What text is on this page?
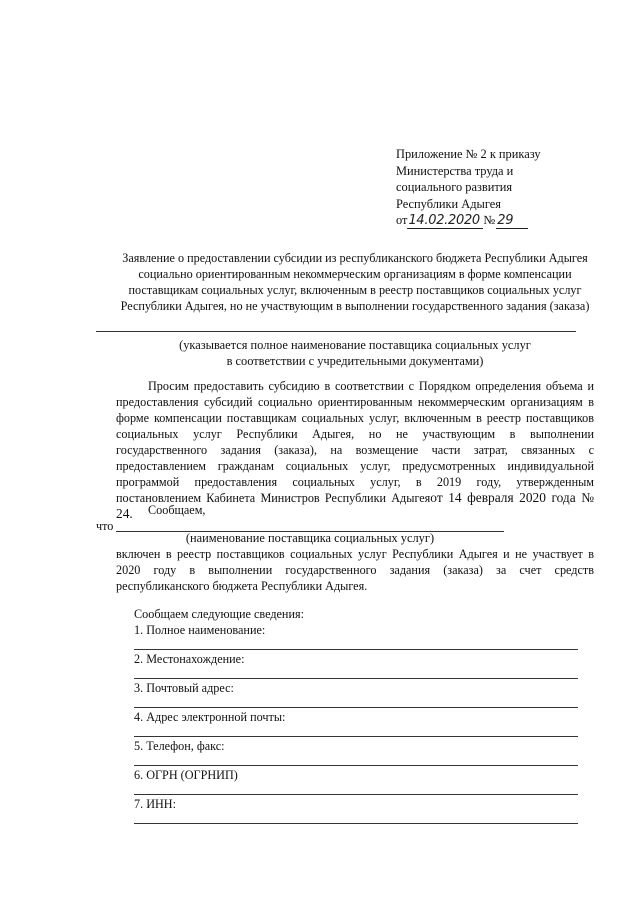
Приложение № 2 к приказу
Министерства труда и
социального развития
Республики Адыгея
от 14.02.2020 № 29
Заявление о предоставлении субсидии из республиканского бюджета Республики Адыгея социально ориентированным некоммерческим организациям в форме компенсации поставщикам социальных услуг, включенным в реестр поставщиков социальных услуг Республики Адыгея, но не участвующим в выполнении государственного задания (заказа)
(указывается полное наименование поставщика социальных услуг
в соответствии с учредительными документами)

Просим предоставить субсидию в соответствии с Порядком определения объема и предоставления субсидий социально ориентированным некоммерческим организациям в форме компенсации поставщикам социальных услуг, включенным в реестр поставщиков социальных услуг Республики Адыгея, но не участвующим в выполнении государственного задания (заказа), на возмещение части затрат, связанных с предоставлением гражданам социальных услуг, предусмотренных индивидуальной программой предоставления социальных услуг, в 2019 году, утвержденным постановлением Кабинета Министров Республики Адыгеяот 14 февраля 2020 года № 24.	Сообщаем,
что
(наименование поставщика социальных услуг)
включен в реестр поставщиков социальных услуг Республики Адыгея и не участвует в 2020 году в выполнении государственного задания (заказа) за счет средств республиканского бюджета Республики Адыгея.
Сообщаем следующие сведения:
1. Полное наименование:
2. Местонахождение:
3. Почтовый адрес:
4. Адрес электронной почты:
5. Телефон, факс:
6. ОГРН (ОГРНИП)
7. ИНН:
